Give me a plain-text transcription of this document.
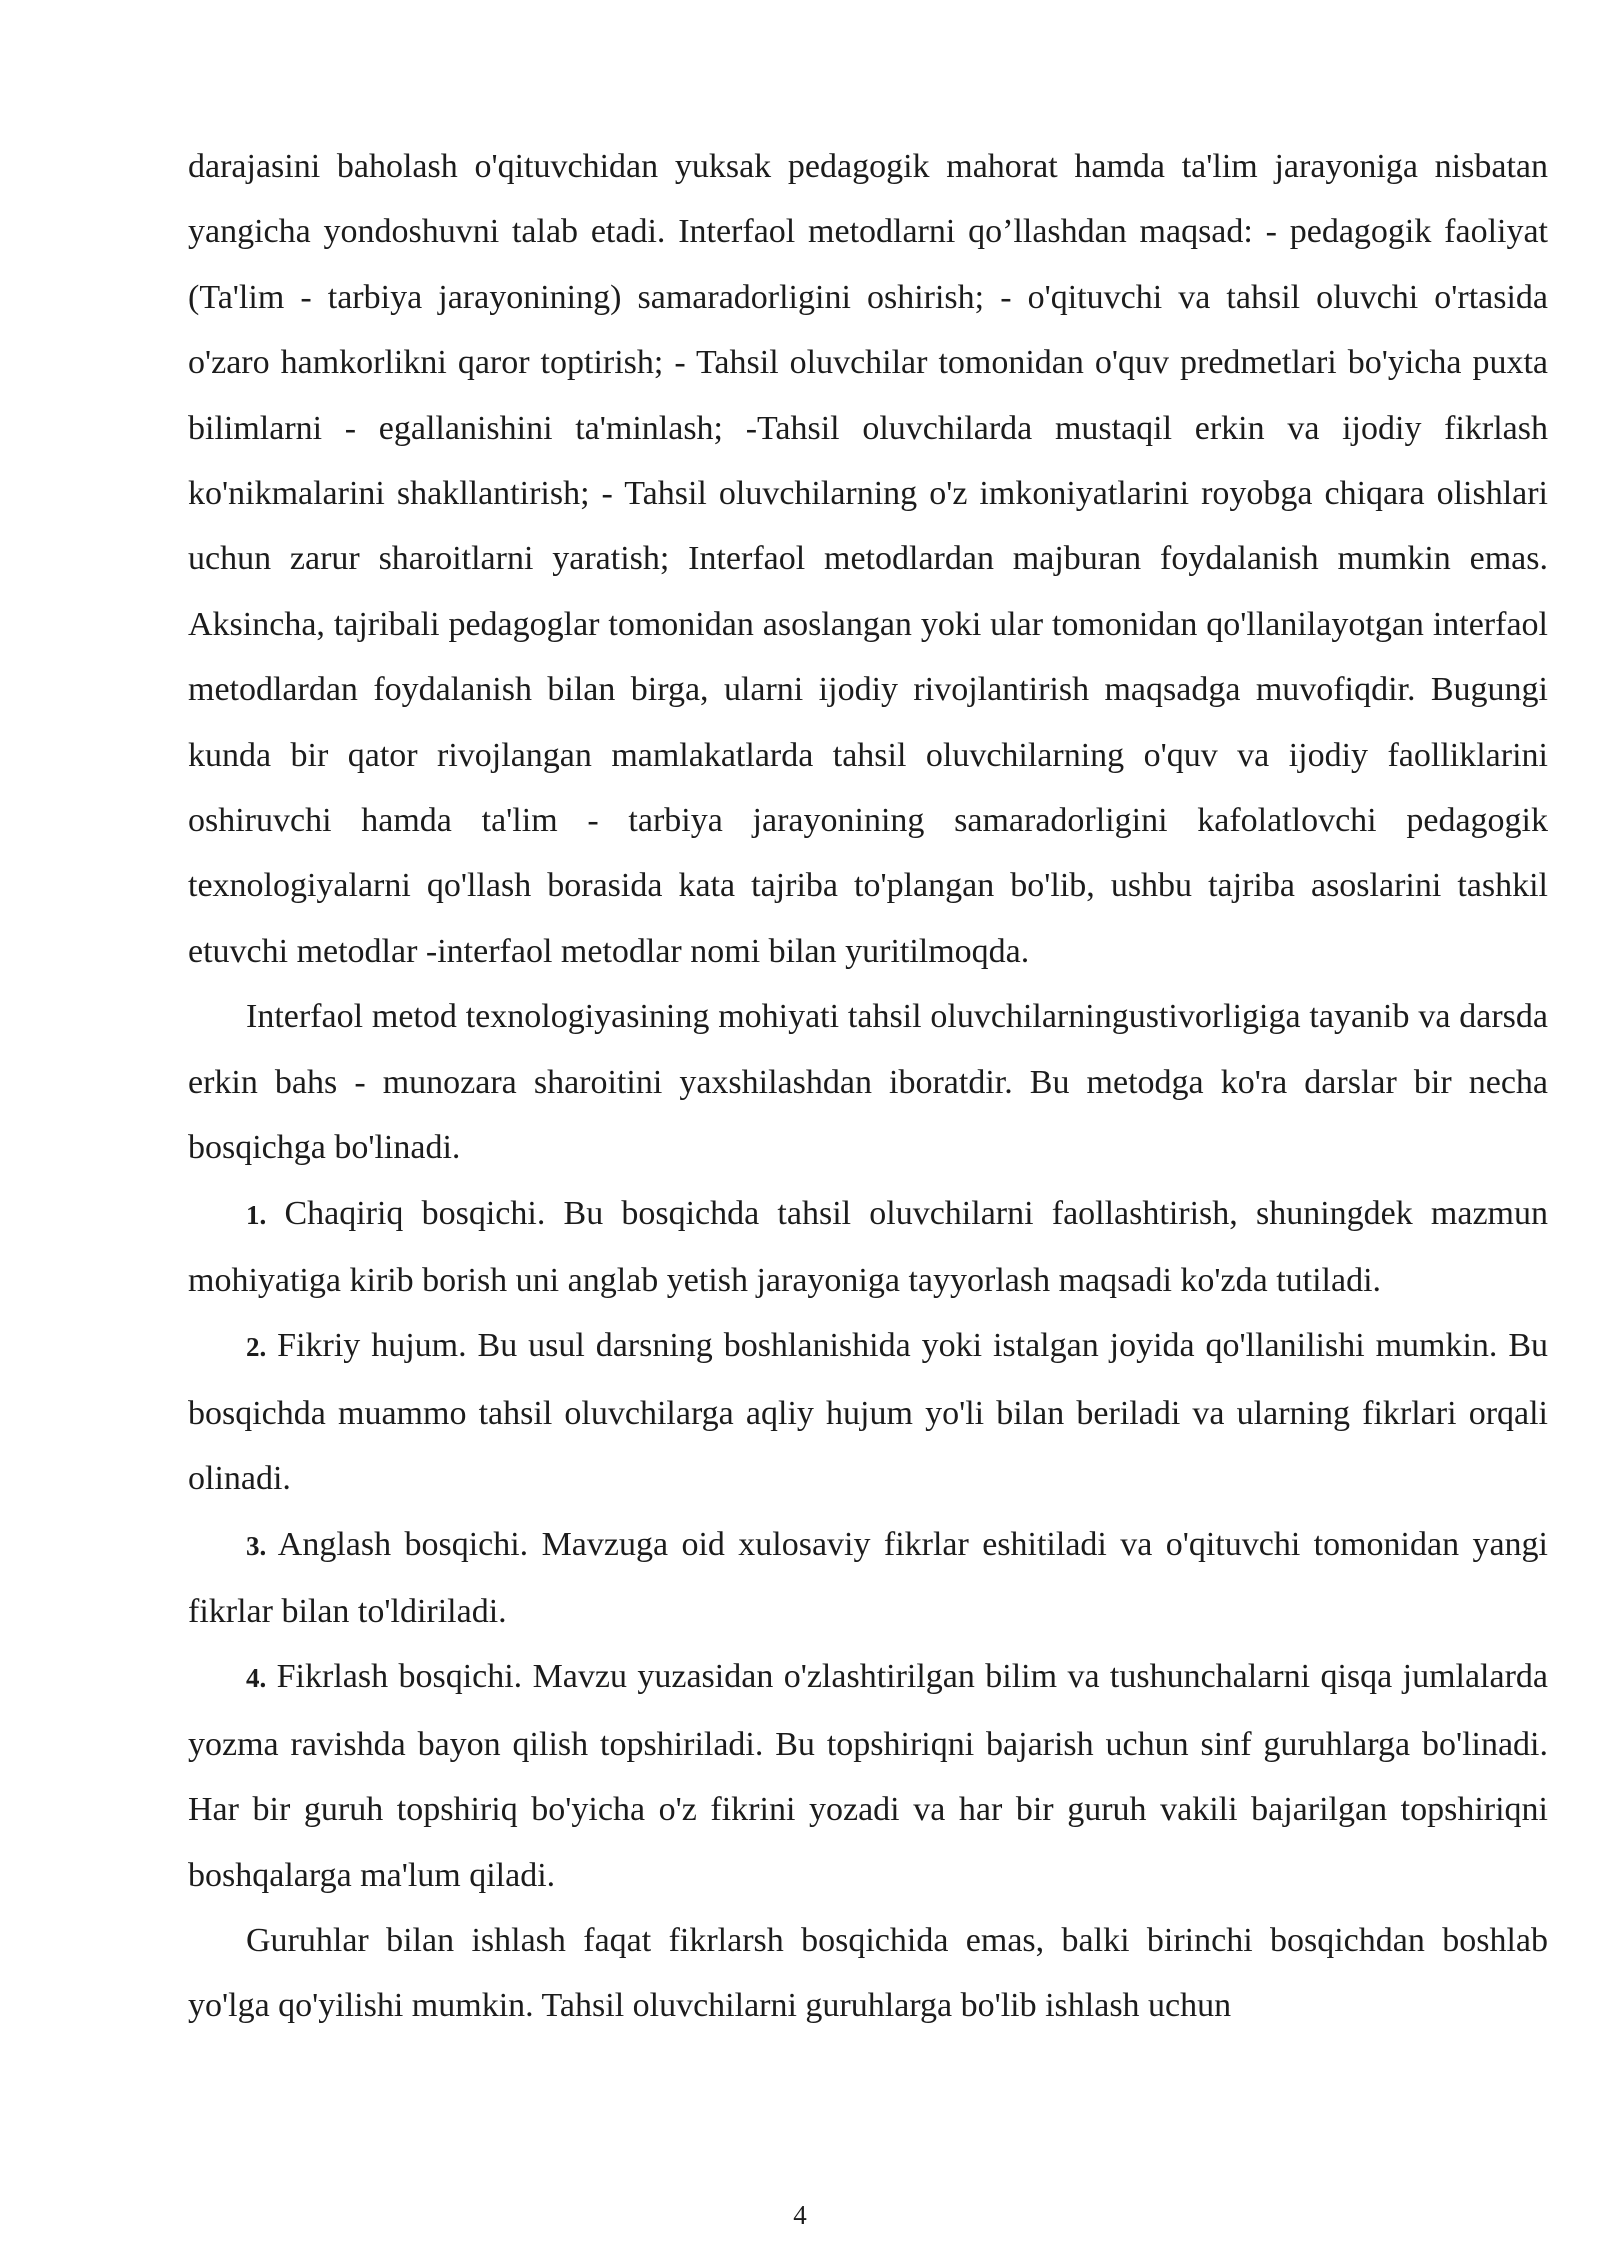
darajasini baholash o'qituvchidan yuksak pedagogik mahorat hamda ta'lim jarayoniga nisbatan yangicha yondoshuvni talab etadi. Interfaol metodlarni qo’llashdan maqsad: - pedagogik faoliyat (Ta'lim - tarbiya jarayonining) samaradorligini oshirish; - o'qituvchi va tahsil oluvchi o'rtasida o'zaro hamkorlikni qaror toptirish; - Tahsil oluvchilar tomonidan o'quv predmetlari bo'yicha puxta bilimlarni - egallanishini ta'minlash; -Tahsil oluvchilarda mustaqil erkin va ijodiy fikrlash ko'nikmalarini shakllantirish; - Tahsil oluvchilarning o'z imkoniyatlarini royobga chiqara olishlari uchun zarur sharoitlarni yaratish; Interfaol metodlardan majburan foydalanish mumkin emas. Aksincha, tajribali pedagoglar tomonidan asoslangan yoki ular tomonidan qo'llanilayotgan interfaol metodlardan foydalanish bilan birga, ularni ijodiy rivojlantirish maqsadga muvofiqdir. Bugungi kunda bir qator rivojlangan mamlakatlarda tahsil oluvchilarning o'quv va ijodiy faolliklarini oshiruvchi hamda ta'lim - tarbiya jarayonining samaradorligini kafolatlovchi pedagogik texnologiyalarni qo'llash borasida kata tajriba to'plangan bo'lib, ushbu tajriba asoslarini tashkil etuvchi metodlar -interfaol metodlar nomi bilan yuritilmoqda.

Interfaol metod texnologiyasining mohiyati tahsil oluvchilarningustivorligiga tayanib va darsda erkin bahs - munozara sharoitini yaxshilashdan iboratdir. Bu metodga ko'ra darslar bir necha bosqichga bo'linadi.

1. Chaqiriq bosqichi. Bu bosqichda tahsil oluvchilarni faollashtirish, shuningdek mazmun mohiyatiga kirib borish uni anglab yetish jarayoniga tayyorlash maqsadi ko'zda tutiladi.

2. Fikriy hujum. Bu usul darsning boshlanishida yoki istalgan joyida qo'llanilishi mumkin. Bu bosqichda muammo tahsil oluvchilarga aqliy hujum yo'li bilan beriladi va ularning fikrlari orqali olinadi.

3. Anglash bosqichi. Mavzuga oid xulosaviy fikrlar eshitiladi va o'qituvchi tomonidan yangi fikrlar bilan to'ldiriladi.

4. Fikrlash bosqichi. Mavzu yuzasidan o'zlashtirilgan bilim va tushunchalarni qisqa jumlalarda yozma ravishda bayon qilish topshiriladi. Bu topshiriqni bajarish uchun sinf guruhlarga bo'linadi. Har bir guruh topshiriq bo'yicha o'z fikrini yozadi va har bir guruh vakili bajarilgan topshiriqni boshqalarga ma'lum qiladi.

Guruhlar bilan ishlash faqat fikrlarsh bosqichida emas, balki birinchi bosqichdan boshlab yo'lga qo'yilishi mumkin. Tahsil oluvchilarni guruhlarga bo'lib ishlash uchun

4
